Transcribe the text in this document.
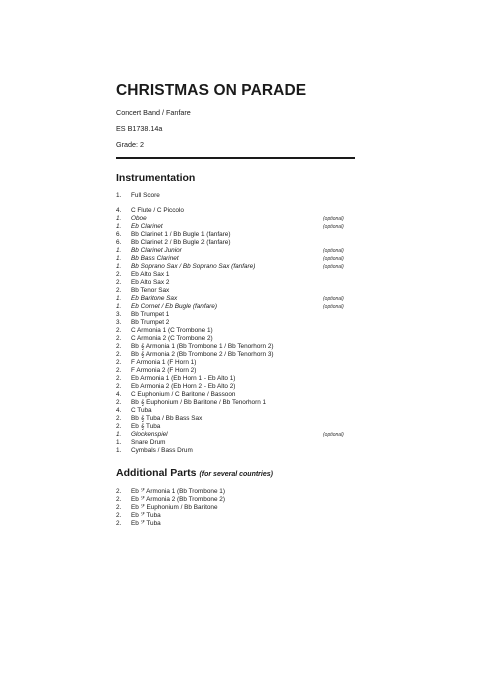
CHRISTMAS ON PARADE
Concert Band / Fanfare
ES B1738.14a
Grade: 2
Instrumentation
1.	Full Score
4.	C Flute / C Piccolo
1.	Oboe	(optional)
1.	Eb Clarinet	(optional)
6.	Bb Clarinet 1 / Bb Bugle 1 (fanfare)
6.	Bb Clarinet 2 / Bb Bugle 2 (fanfare)
1.	Bb Clarinet Junior	(optional)
1.	Bb Bass Clarinet	(optional)
1.	Bb Soprano Sax / Bb Soprano Sax (fanfare)	(optional)
2.	Eb Alto Sax 1
2.	Eb Alto Sax 2
2.	Bb Tenor Sax
1.	Eb Baritone Sax	(optional)
1.	Eb Cornet / Eb Bugle (fanfare)	(optional)
3.	Bb Trumpet 1
3.	Bb Trumpet 2
2.	C Armonia 1 (C Trombone 1)
2.	C Armonia 2 (C Trombone 2)
2.	Bb 𝄞 Armonia 1 (Bb Trombone 1 / Bb Tenorhorn 2)
2.	Bb 𝄞 Armonia 2 (Bb Trombone 2 / Bb Tenorhorn 3)
2.	F Armonia 1 (F Horn 1)
2.	F Armonia 2 (F Horn 2)
2.	Eb Armonia 1 (Eb Horn 1 - Eb Alto 1)
2.	Eb Armonia 2 (Eb Horn 2 - Eb Alto 2)
4.	C Euphonium / C Baritone / Bassoon
2.	Bb 𝄞 Euphonium / Bb Baritone / Bb Tenorhorn 1
4.	C Tuba
2.	Bb 𝄞 Tuba / Bb Bass Sax
2.	Eb 𝄞 Tuba
1.	Glockenspiel	(optional)
1.	Snare Drum
1.	Cymbals / Bass Drum
Additional Parts (for several countries)
2.	Eb 𝄢 Armonia 1 (Bb Trombone 1)
2.	Eb 𝄢 Armonia 2 (Bb Trombone 2)
2.	Eb 𝄢 Euphonium / Bb Baritone
2.	Eb 𝄢 Tuba
2.	Eb 𝄢 Tuba
